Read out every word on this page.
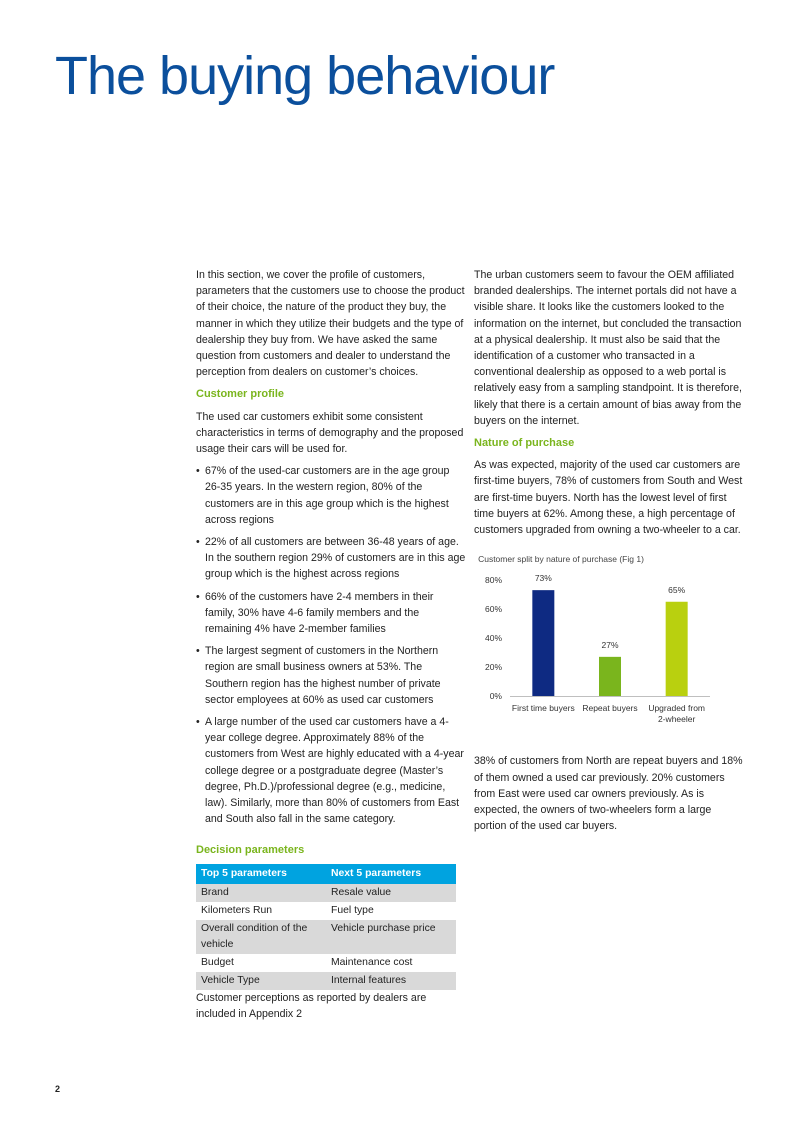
The buying behaviour

In this section, we cover the profile of customers, parameters that the customers use to choose the product of their choice, the nature of the product they buy, the manner in which they utilize their budgets and the type of dealership they buy from. We have asked the same question from customers and dealer to understand the perception from dealers on customer’s choices.

Customer profile

The used car customers exhibit some consistent characteristics in terms of demography and the proposed usage their cars will be used for.

• 67% of the used-car customers are in the age group 26-35 years. In the western region, 80% of the customers are in this age group which is the highest across regions
• 22% of all customers are between 36-48 years of age. In the southern region 29% of customers are in this age group which is the highest across regions
• 66% of the customers have 2-4 members in their family, 30% have 4-6 family members and the remaining 4% have 2-member families
• The largest segment of customers in the Northern region are small business owners at 53%. The Southern region has the highest number of private sector employees at 60% as used car customers
• A large number of the used car customers have a 4-year college degree. Approximately 88% of the customers from West are highly educated with a 4-year college degree or a postgraduate degree (Master’s degree, Ph.D.)/professional degree (e.g., medicine, law). Similarly, more than 80% of customers from East and South also fall in the same category.
Decision parameters
Top 5 parameters	Next 5 parameters
Brand	Resale value
Kilometers Run	Fuel type
Overall condition of the vehicle	Vehicle purchase price
Budget	Maintenance cost
Vehicle Type	Internal features

Customer perceptions as reported by dealers are included in Appendix 2

The urban customers seem to favour the OEM affiliated branded dealerships. The internet portals did not have a visible share. It looks like the customers looked to the information on the internet, but concluded the transaction at a physical dealership. It must also be said that the identification of a customer who transacted in a conventional dealership as opposed to a web portal is relatively easy from a sampling standpoint. It is therefore, likely that there is a certain amount of bias away from the buyers on the internet.

Nature of purchase

As was expected, majority of the used car customers are first-time buyers, 78% of customers from South and West are first-time buyers. North has the lowest level of first time buyers at 62%. Among these, a high percentage of customers upgraded from owning a two-wheeler to a car.

Customer split by nature of purchase (Fig 1)
0%
20%
40%
60%
80%	73%
First time buyers
27%
Repeat buyers
65%
Upgraded from
2-wheeler

38% of customers from North are repeat buyers and 18% of them owned a used car previously. 20% customers from East were used car owners previously. As is expected, the owners of two-wheelers form a large portion of the used car buyers.

2
